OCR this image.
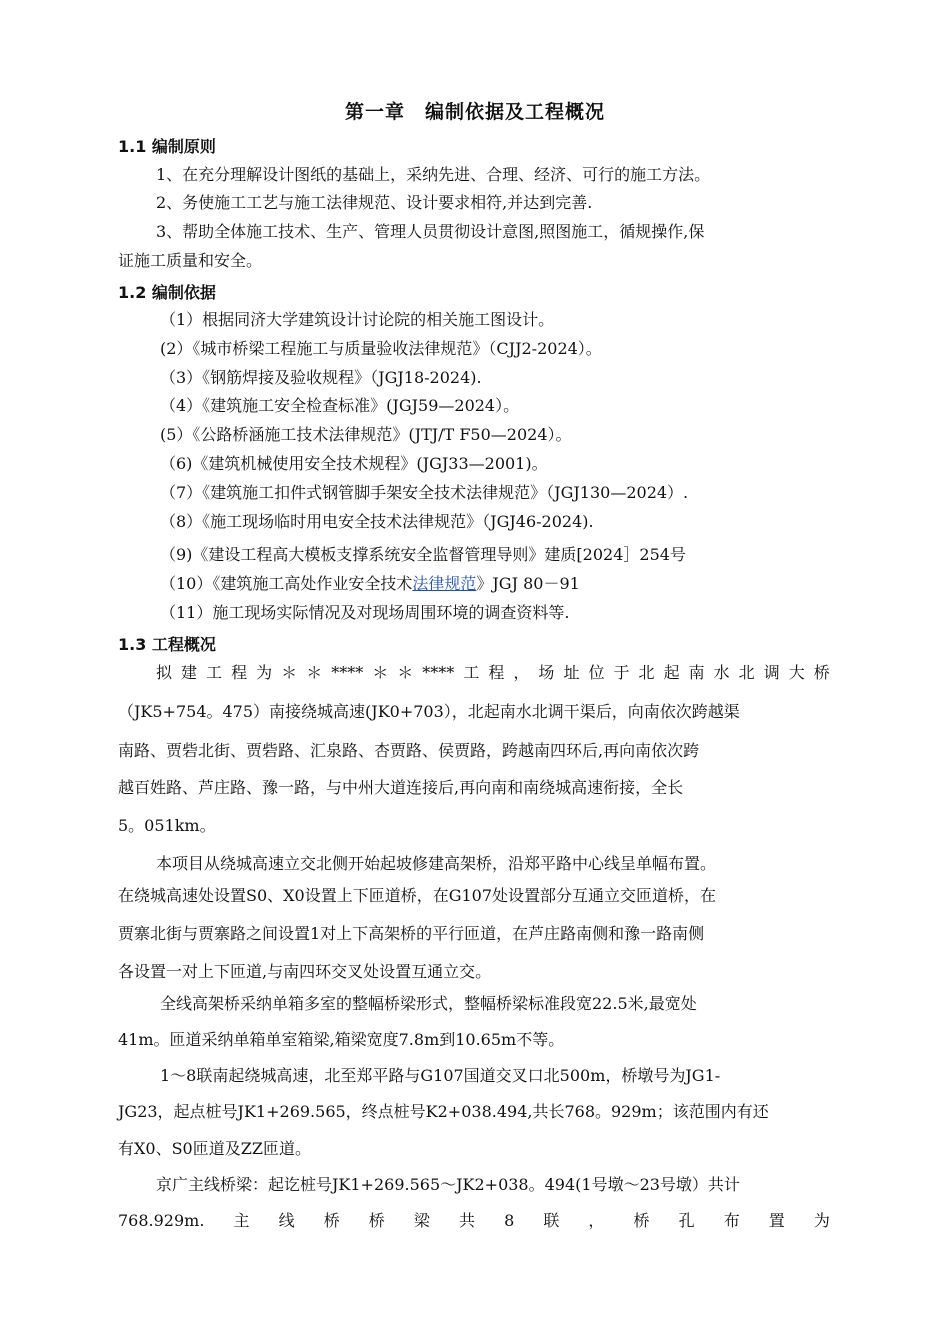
第一章　编制依据及工程概况
1.1 编制原则
1、在充分理解设计图纸的基础上，采纳先进、合理、经济、可行的施工方法。
2、务使施工工艺与施工法律规范、设计要求相符,并达到完善.
3、帮助全体施工技术、生产、管理人员贯彻设计意图,照图施工，循规操作,保
证施工质量和安全。
1.2 编制依据
（1）根据同济大学建筑设计讨论院的相关施工图设计。
(2）《城市桥梁工程施工与质量验收法律规范》（CJJ2-2024）。
（3）《钢筋焊接及验收规程》（JGJ18-2024).
（4）《建筑施工安全检查标准》(JGJ59—2024）。
(5）《公路桥涵施工技术法律规范》(JTJ/T F50—2024）。
（6)《建筑机械使用安全技术规程》(JGJ33—2001)。
（7）《建筑施工扣件式钢管脚手架安全技术法律规范》（JGJ130—2024）.
（8）《施工现场临时用电安全技术法律规范》（JGJ46-2024).
（9)《建设工程高大模板支撑系统安全监督管理导则》建质[2024］254号
（10）《建筑施工高处作业安全技术法律规范》JGJ 80－91
（11）施工现场实际情况及对现场周围环境的调查资料等.
1.3 工程概况
拟 建 工 程 为 ＊ ＊ **** ＊ ＊ **** 工 程 ， 场 址 位 于 北 起 南 水 北 调 大 桥
（JK5+754。475）南接绕城高速(JK0+703），北起南水北调干渠后，向南依次跨越渠
南路、贾砦北街、贾砦路、汇泉路、杏贾路、侯贾路，跨越南四环后,再向南依次跨
越百姓路、芦庄路、豫一路，与中州大道连接后,再向南和南绕城高速衔接，全长
5。051km。
本项目从绕城高速立交北侧开始起坡修建高架桥，沿郑平路中心线呈单幅布置。
在绕城高速处设置S0、X0设置上下匝道桥，在G107处设置部分互通立交匝道桥，在
贾寨北街与贾寨路之间设置1对上下高架桥的平行匝道，在芦庄路南侧和豫一路南侧
各设置一对上下匝道,与南四环交叉处设置互通立交。
全线高架桥采纳单箱多室的整幅桥梁形式，整幅桥梁标准段宽22.5米,最宽处
41m。匝道采纳单箱单室箱梁,箱梁宽度7.8m到10.65m不等。
1～8联南起绕城高速，北至郑平路与G107国道交叉口北500m，桥墩号为JG1-
JG23，起点桩号JK1+269.565，终点桩号K2+038.494,共长768。929m；该范围内有还
有X0、S0匝道及ZZ匝道。
京广主线桥梁：起讫桩号JK1+269.565～JK2+038。494(1号墩～23号墩）共计
768.929m. 主 线 桥 桥 梁 共 8 联 ， 桥 孔 布 置 为
